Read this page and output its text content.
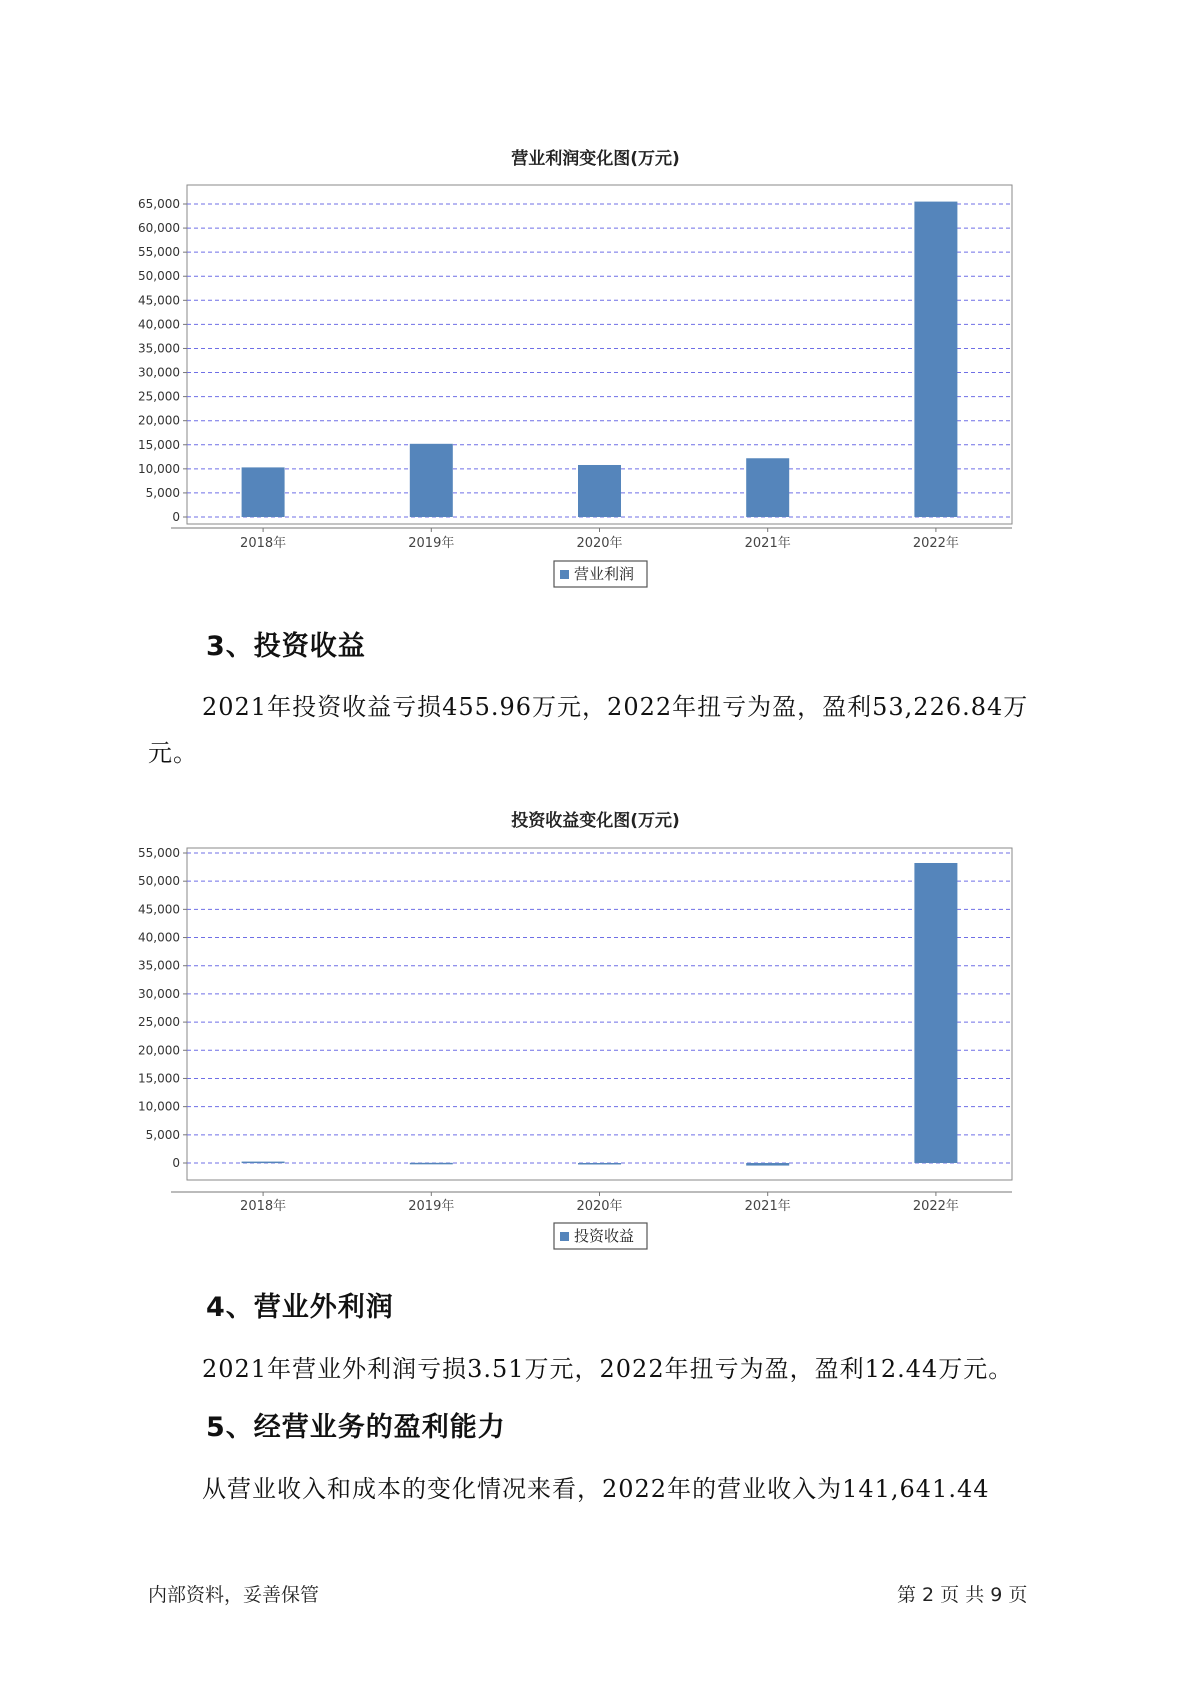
营业利润变化图(万元)
0
5,000
10,000
15,000
20,000
25,000
30,000
35,000
40,000
45,000
50,000
55,000
60,000
65,000
2018年	2019年	2020年	2021年	2022年
营业利润
3、投资收益

2021年投资收益亏损455.96万元，2022年扭亏为盈，盈利53,226.84万元。

投资收益变化图(万元)
0
5,000
10,000
15,000
20,000
25,000
30,000
35,000
40,000
45,000
50,000
55,000
2018年	2019年	2020年	2021年	2022年
投资收益
4、营业外利润

2021年营业外利润亏损3.51万元，2022年扭亏为盈，盈利12.44万元。

5、经营业务的盈利能力

从营业收入和成本的变化情况来看，2022年的营业收入为141,641.44

内部资料，妥善保管	第 2 页 共 9 页
